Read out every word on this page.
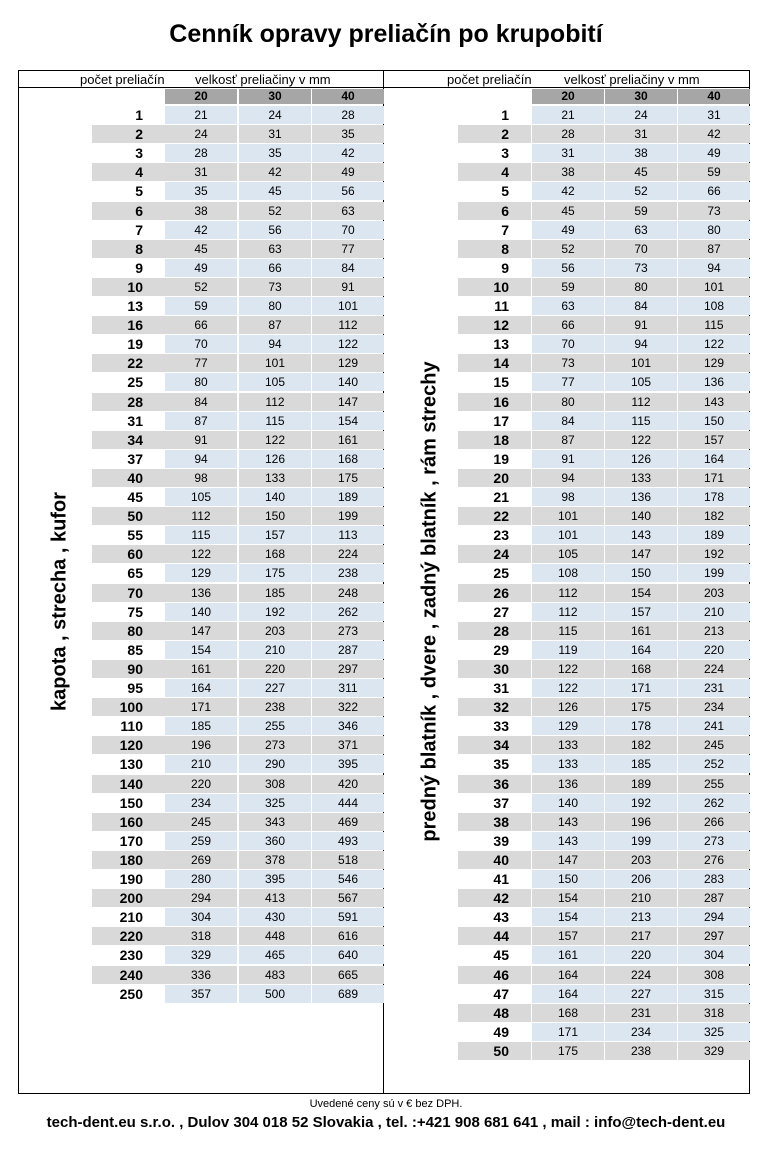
Cenník opravy preliačín po krupobití
počet preliačín velkosť preliačiny v mm
20	30	40
počet preliačín velkosť preliačiny v mm
20	30	40
kapota , strecha , kufor	predný blatník , dvere , zadný blatník , rám strechy
1	21	24	28
2	24	31	35
3	28	35	42
4	31	42	49
5	35	45	56
6	38	52	63
7	42	56	70
8	45	63	77
9	49	66	84
10	52	73	91
13	59	80	101
16	66	87	112
19	70	94	122
22	77	101	129
25	80	105	140
28	84	112	147
31	87	115	154
34	91	122	161
37	94	126	168
40	98	133	175
45	105	140	189
50	112	150	199
55	115	157	113
60	122	168	224
65	129	175	238
70	136	185	248
75	140	192	262
80	147	203	273
85	154	210	287
90	161	220	297
95	164	227	311
100	171	238	322
110	185	255	346
120	196	273	371
130	210	290	395
140	220	308	420
150	234	325	444
160	245	343	469
170	259	360	493
180	269	378	518
190	280	395	546
200	294	413	567
210	304	430	591
220	318	448	616
230	329	465	640
240	336	483	665
250	357	500	689
1	21	24	31
2	28	31	42
3	31	38	49
4	38	45	59
5	42	52	66
6	45	59	73
7	49	63	80
8	52	70	87
9	56	73	94
10	59	80	101
11	63	84	108
12	66	91	115
13	70	94	122
14	73	101	129
15	77	105	136
16	80	112	143
17	84	115	150
18	87	122	157
19	91	126	164
20	94	133	171
21	98	136	178
22	101	140	182
23	101	143	189
24	105	147	192
25	108	150	199
26	112	154	203
27	112	157	210
28	115	161	213
29	119	164	220
30	122	168	224
31	122	171	231
32	126	175	234
33	129	178	241
34	133	182	245
35	133	185	252
36	136	189	255
37	140	192	262
38	143	196	266
39	143	199	273
40	147	203	276
41	150	206	283
42	154	210	287
43	154	213	294
44	157	217	297
45	161	220	304
46	164	224	308
47	164	227	315
48	168	231	318
49	171	234	325
50	175	238	329
Uvedené ceny sú v € bez DPH.
tech-dent.eu s.r.o. , Dulov 304 018 52 Slovakia , tel. :+421 908 681 641 , mail : info@tech-dent.eu
